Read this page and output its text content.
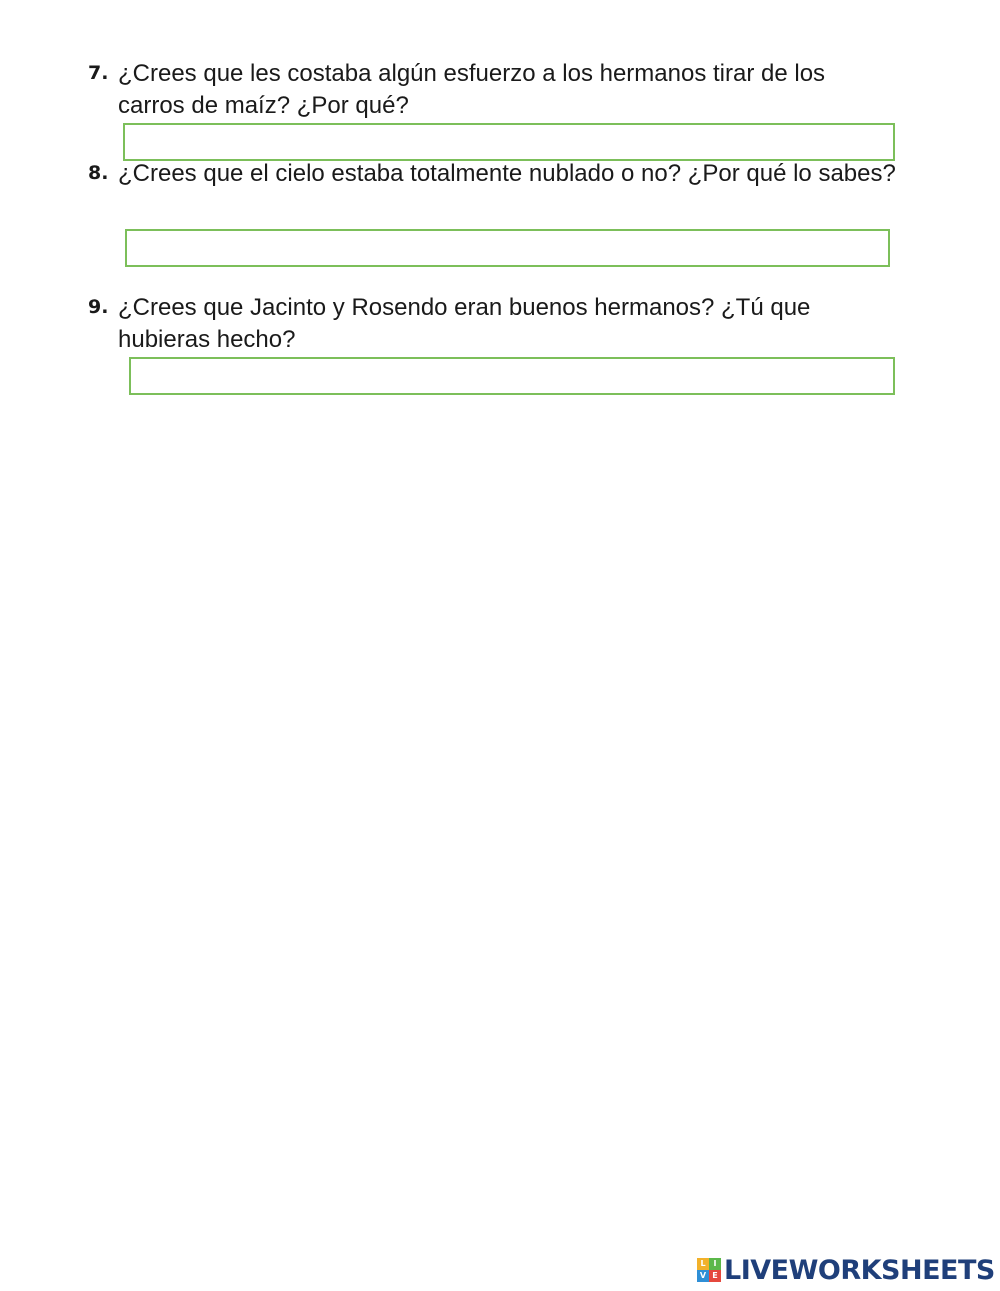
7. ¿Crees que les costaba algún esfuerzo a los hermanos tirar de los carros de maíz? ¿Por qué?
8. ¿Crees que el cielo estaba totalmente nublado o no? ¿Por qué lo sabes?
9. ¿Crees que Jacinto y Rosendo eran buenos hermanos? ¿Tú que hubieras hecho?
L I
V E LIVEWORKSHEETS
